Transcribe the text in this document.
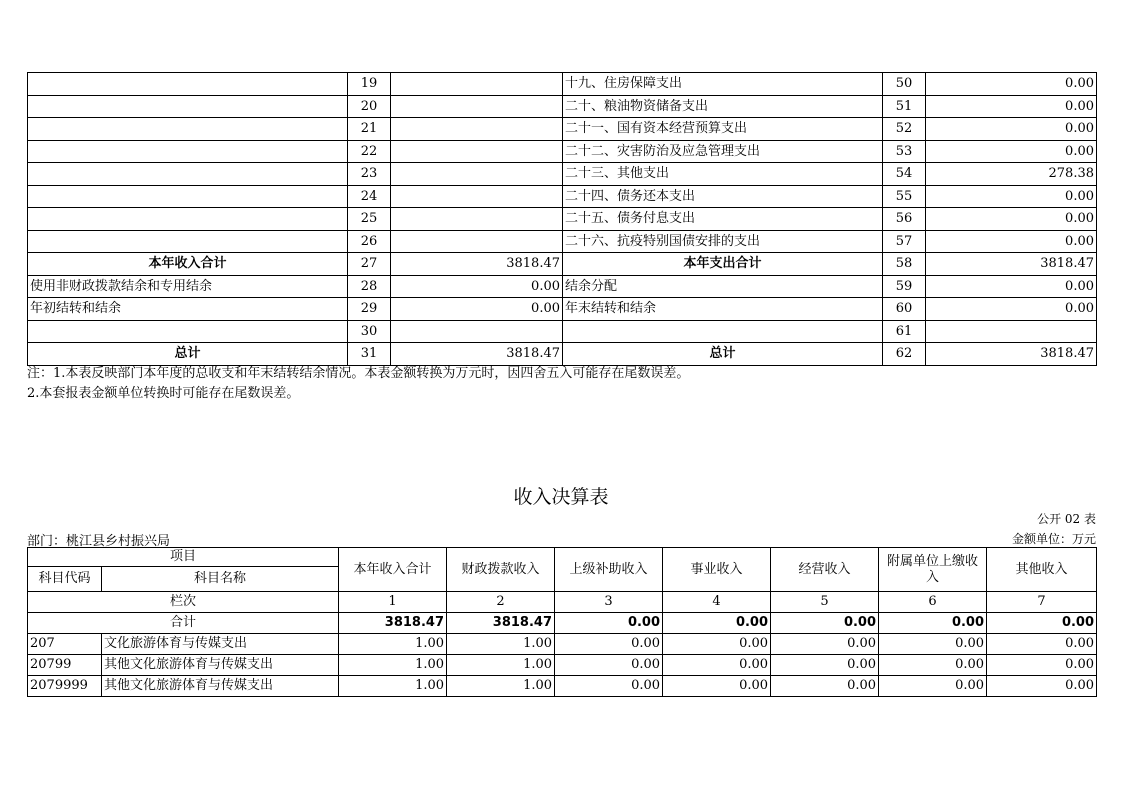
	19		十九、住房保障支出	50	0.00
	20		二十、粮油物资储备支出	51	0.00
	21		二十一、国有资本经营预算支出	52	0.00
	22		二十二、灾害防治及应急管理支出	53	0.00
	23		二十三、其他支出	54	278.38
	24		二十四、债务还本支出	55	0.00
	25		二十五、债务付息支出	56	0.00
	26		二十六、抗疫特别国债安排的支出	57	0.00
本年收入合计	27	3818.47	本年支出合计	58	3818.47
使用非财政拨款结余和专用结余	28	0.00	结余分配	59	0.00
年初结转和结余	29	0.00	年末结转和结余	60	0.00
	30			61	
总计	31	3818.47	总计	62	3818.47
注：1.本表反映部门本年度的总收支和年末结转结余情况。本表金额转换为万元时，因四舍五入可能存在尾数误差。
2.本套报表金额单位转换时可能存在尾数误差。
收入决算表
公开 02 表
部门：桃江县乡村振兴局	金额单位：万元
项目		本年收入合计	财政拨款收入	上级补助收入	事业收入	经营收入	附属单位上缴收入	其他收入
科目代码	科目名称							
栏次		1	2	3	4	5	6	7
合计		3818.47	3818.47	0.00	0.00	0.00	0.00	0.00
207	文化旅游体育与传媒支出	1.00	1.00	0.00	0.00	0.00	0.00	0.00
20799	其他文化旅游体育与传媒支出	1.00	1.00	0.00	0.00	0.00	0.00	0.00
2079999	其他文化旅游体育与传媒支出	1.00	1.00	0.00	0.00	0.00	0.00	0.00
